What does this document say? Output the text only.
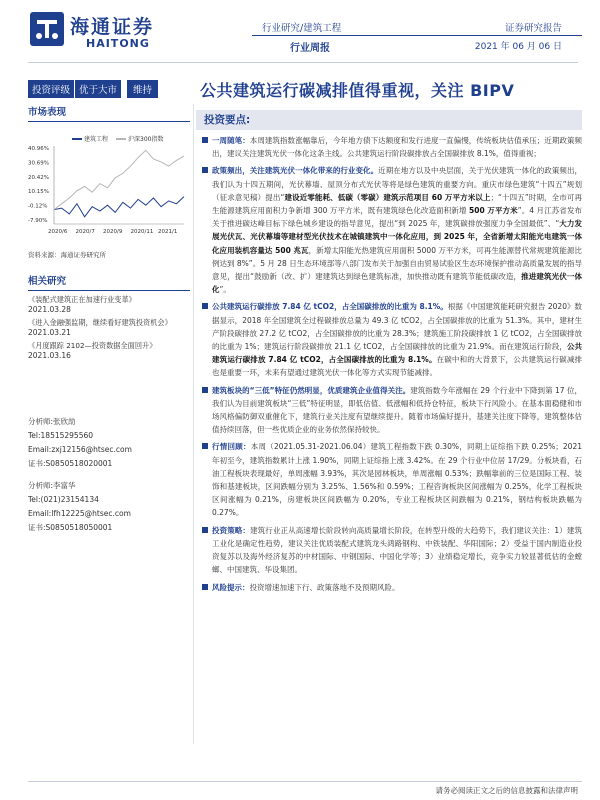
海通证券
HAITONG
行业研究/建筑工程
行业周报
证券研究报告
2021 年 06 月 06 日
投资评级 优于大市	维持	公共建筑运行碳减排值得重视，关注 BIPV
市场表现
建筑工程	沪深300指数
40.96%
30.69%
20.42%
10.15%
-0.12%
-7.90%
2020/6 2020/7 2020/9 2020/11 2021/1
资料来源：海通证券研究所
相关研究
《装配式建筑正在加速行业变革》
2021.03.28
《进入金融强监期，继续看好建筑投资机会》
2021.03.21
《月度跟踪 2102—投资数据全面回升》
2021.03.16
分析师:张欣劼
Tel:18515295560
Email:zxj12156@htsec.com
证书:S0850518020001
分析师:李富华
Tel:(021)23154134
Email:lfh12225@htsec.com
证书:S0850518050001
投资要点:
一周随笔：本周建筑指数涨幅靠后，今年地方债下达额度和发行进度一直偏慢，传统板块估值承压；近期政策频出，建议关注建筑光伏一体化这条主线。公共建筑运行阶段碳排放占全国碳排放 8.1%，值得重视；
政策频出，关注建筑光伏一体化带来的行业变化。近期在地方以及中央层面，关于光伏建筑一体化的政策频出，我们认为十四五期间，光伏幕墙、屋顶分布式光伏等将是绿色建筑的重要方向。重庆市绿色建筑“十四五”规划（征求意见稿）提出“建设近零能耗、低碳（零碳）建筑示范项目 60 万平方米以上；“十四五”时期，全市可再生能源建筑应用面积力争新增 300 万平方米，既有建筑绿色化改造面积新增 500 万平方米”。4 月江苏省发布关于推进碳达峰目标下绿色城乡建设的指导意见，提出“到 2025 年，建筑碳排放强度力争全国最低”、“大力发展光伏瓦、光伏幕墙等建材型光伏技术在城镇建筑中一体化应用，到 2025 年，全省新增太阳能光电建筑一体化应用装机容量达 500 兆瓦，新增太阳能光热建筑应用面积 5000 万平方米，可再生能源替代常规建筑能源比例达到 8%”。5 月 28 日生态环境部等八部门发布关于加强自由贸易试验区生态环境保护推动高质量发展的指导意见，提出“鼓励新（改、扩）建建筑达到绿色建筑标准，加快推动既有建筑节能低碳改造，推进建筑光伏一体化”。
公共建筑运行碳排放 7.84 亿 tCO2，占全国碳排放的比重为 8.1%。根据《中国建筑能耗研究报告 2020》数据显示，2018 年全国建筑全过程碳排放总量为 49.3 亿 tCO2，占全国碳排放的比重为 51.3%。其中，建材生产阶段碳排放 27.2 亿 tCO2，占全国碳排放的比重为 28.3%；建筑施工阶段碳排放 1 亿 tCO2，占全国碳排放的比重为 1%；建筑运行阶段碳排放 21.1 亿 tCO2，占全国碳排放的比重为 21.9%。而在建筑运行阶段，公共建筑运行碳排放 7.84 亿 tCO2，占全国碳排放的比重为 8.1%。在碳中和的大背景下，公共建筑运行碳减排也是重要一环，未来有望通过建筑光伏一体化等方式实现节能减排。
建筑板块的“三低”特征仍然明显，优质建筑企业值得关注。建筑指数今年涨幅在 29 个行业中下降到第 17 位，我们认为目前建筑板块“三低”特征明显，即低估值、低涨幅和低持仓特征，板块下行风险小。在基本面稳健和市场风格偏防御双重催化下，建筑行业关注度有望继续提升。随着市场偏好提升，基建关注度下降等，建筑整体估值持续回落，但一些优质企业的业务依然保持较快。
行情回顾：本周（2021.05.31-2021.06.04）建筑工程指数下跌 0.30%，同期上证综指下跌 0.25%；2021 年初至今，建筑指数累计上涨 1.90%，同期上证综指上涨 3.42%。在 29 个行业中位居 17/29。分板块看，石油工程板块表现最好，单周涨幅 3.93%，其次是园林板块，单周涨幅 0.53%；跌幅靠前的三位是国际工程、装饰和基建板块，区间跌幅分别为 3.25%、1.56%和 0.59%；工程咨询板块区间涨幅为 0.25%，化学工程板块区间涨幅为 0.21%，房建板块区间跌幅为 0.20%，专业工程板块区间跌幅为 0.21%，钢结构板块跌幅为 0.27%。
投资策略：建筑行业正从高速增长阶段转向高质量增长阶段，在转型升级的大趋势下，我们建议关注：1）建筑工业化是确定性趋势，建议关注优质装配式建筑龙头鸿路钢构、中铁装配、华阳国际；2）受益于国内制造业投资复苏以及海外经济复苏的中材国际、中钢国际、中国化学等；3）业绩稳定增长，竞争实力较显著低估的金螳螂、中国建筑、华设集团。
风险提示：投资增速加速下行、政策落地不及预期风险。
请务必阅读正文之后的信息披露和法律声明
